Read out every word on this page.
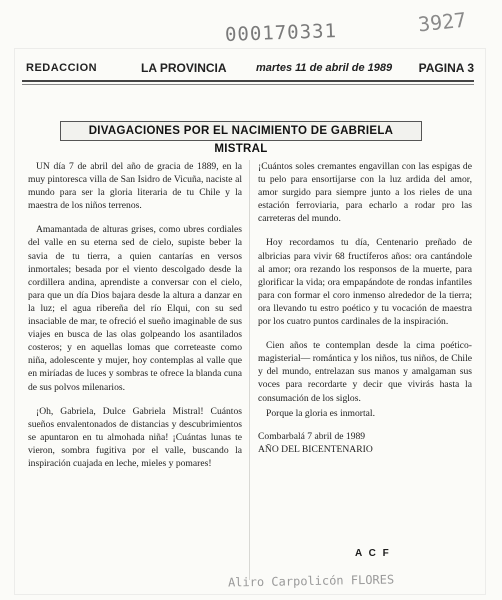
000170331	3927
REDACCION	LA PROVINCIA	martes 11 de abril de 1989 PAGINA 3
DIVAGACIONES POR EL NACIMIENTO DE GABRIELA MISTRAL

UN día 7 de abril del año de gracia de 1889, en la muy pintoresca villa de San Isidro de Vicuña, naciste al mundo para ser la gloria literaria de tu Chile y la maestra de los niños terrenos.

Amamantada de alturas grises, como ubres cordiales del valle en su eterna sed de cielo, supiste beber la savia de tu tierra, a quien cantarías en versos inmortales; besada por el viento descolgado desde la cordillera andina, aprendiste a conversar con el cielo, para que un día Dios bajara desde la altura a danzar en la luz; el agua ribereña del río Elqui, con su sed insaciable de mar, te ofreció el sueño imaginable de sus viajes en busca de las olas golpeando los asantilados costeros; y en aquellas lomas que correteaste como niña, adolescente y mujer, hoy contemplas al valle que en miríadas de luces y sombras te ofrece la blanda cuna de sus polvos milenarios.

¡Oh, Gabriela, Dulce Gabriela Mistral! Cuántos sueños envalentonados de distancias y descubrimientos se apuntaron en tu almohada niña! ¡Cuántas lunas te vieron, sombra fugitiva por el valle, buscando la inspiración cuajada en leche, mieles y pomares!

¡Cuántos soles cremantes engavillan con las espigas de tu pelo para ensortijarse con la luz ardida del amor, amor surgido para siempre junto a los rieles de una estación ferroviaria, para echarlo a rodar pro las carreteras del mundo.

Hoy recordamos tu día, Centenario preñado de albricias para vivir 68 fructíferos años: ora cantándole al amor; ora rezando los responsos de la muerte, para glorificar la vida; ora empapándote de rondas infantiles para con formar el coro inmenso alrededor de la tierra; ora llevando tu estro poético y tu vocación de maestra por los cuatro puntos cardinales de la inspiración.

Cien años te contemplan desde la cima poético-magisterial— romántica y los niños, tus niños, de Chile y del mundo, entrelazan sus manos y amalgaman sus voces para recordarte y decir que vivirás hasta la consumación de los siglos.

Porque la gloria es inmortal.

Combarbalá 7 abril de 1989

AÑO DEL BICENTENARIO

A C F
Aliro Carpolicón FLORES
